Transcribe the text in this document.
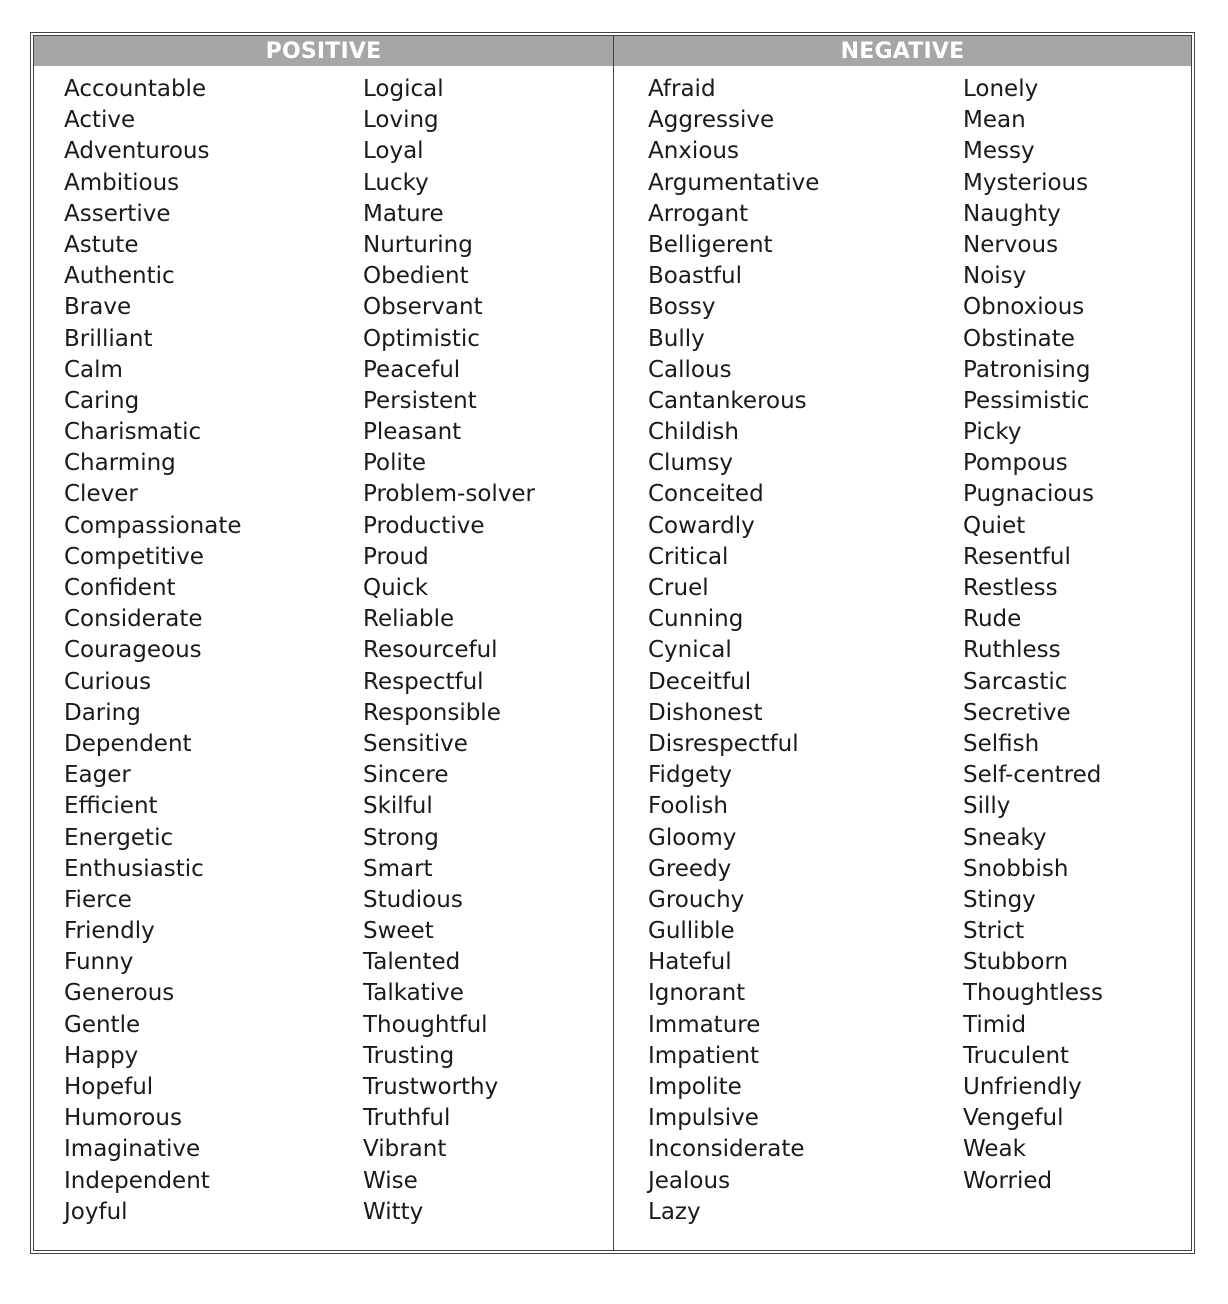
POSITIVE	NEGATIVE
Accountable
Active
Adventurous
Ambitious
Assertive
Astute
Authentic
Brave
Brilliant
Calm
Caring
Charismatic
Charming
Clever
Compassionate
Competitive
Confident
Considerate
Courageous
Curious
Daring
Dependent
Eager
Efficient
Energetic
Enthusiastic
Fierce
Friendly
Funny
Generous
Gentle
Happy
Hopeful
Humorous
Imaginative
Independent
Joyful
Logical
Loving
Loyal
Lucky
Mature
Nurturing
Obedient
Observant
Optimistic
Peaceful
Persistent
Pleasant
Polite
Problem-solver
Productive
Proud
Quick
Reliable
Resourceful
Respectful
Responsible
Sensitive
Sincere
Skilful
Strong
Smart
Studious
Sweet
Talented
Talkative
Thoughtful
Trusting
Trustworthy
Truthful
Vibrant
Wise
Witty
Afraid
Aggressive
Anxious
Argumentative
Arrogant
Belligerent
Boastful
Bossy
Bully
Callous
Cantankerous
Childish
Clumsy
Conceited
Cowardly
Critical
Cruel
Cunning
Cynical
Deceitful
Dishonest
Disrespectful
Fidgety
Foolish
Gloomy
Greedy
Grouchy
Gullible
Hateful
Ignorant
Immature
Impatient
Impolite
Impulsive
Inconsiderate
Jealous
Lazy
Lonely
Mean
Messy
Mysterious
Naughty
Nervous
Noisy
Obnoxious
Obstinate
Patronising
Pessimistic
Picky
Pompous
Pugnacious
Quiet
Resentful
Restless
Rude
Ruthless
Sarcastic
Secretive
Selfish
Self-centred
Silly
Sneaky
Snobbish
Stingy
Strict
Stubborn
Thoughtless
Timid
Truculent
Unfriendly
Vengeful
Weak
Worried
